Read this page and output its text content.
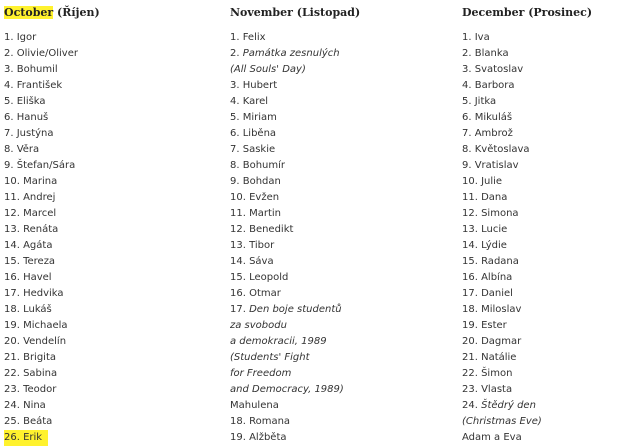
October (Říjen)
1. Igor
2. Olivie/Oliver
3. Bohumil
4. František
5. Eliška
6. Hanuš
7. Justýna
8. Věra
9. Štefan/Sára
10. Marina
11. Andrej
12. Marcel
13. Renáta
14. Agáta
15. Tereza
16. Havel
17. Hedvika
18. Lukáš
19. Michaela
20. Vendelín
21. Brigita
22. Sabina
23. Teodor
24. Nina
25. Beáta
26. Erik
November (Listopad)
1. Felix
2. Památka zesnulých
(All Souls' Day)
3. Hubert
4. Karel
5. Miriam
6. Liběna
7. Saskie
8. Bohumír
9. Bohdan
10. Evžen
11. Martin
12. Benedikt
13. Tibor
14. Sáva
15. Leopold
16. Otmar
17. Den boje studentů
za svobodu
a demokracii, 1989
(Students' Fight
for Freedom
and Democracy, 1989)
Mahulena
18. Romana
19. Alžběta
December (Prosinec)
1. Iva
2. Blanka
3. Svatoslav
4. Barbora
5. Jitka
6. Mikuláš
7. Ambrož
8. Květoslava
9. Vratislav
10. Julie
11. Dana
12. Simona
13. Lucie
14. Lýdie
15. Radana
16. Albína
17. Daniel
18. Miloslav
19. Ester
20. Dagmar
21. Natálie
22. Šimon
23. Vlasta
24. Štědrý den
(Christmas Eve)
Adam a Eva
